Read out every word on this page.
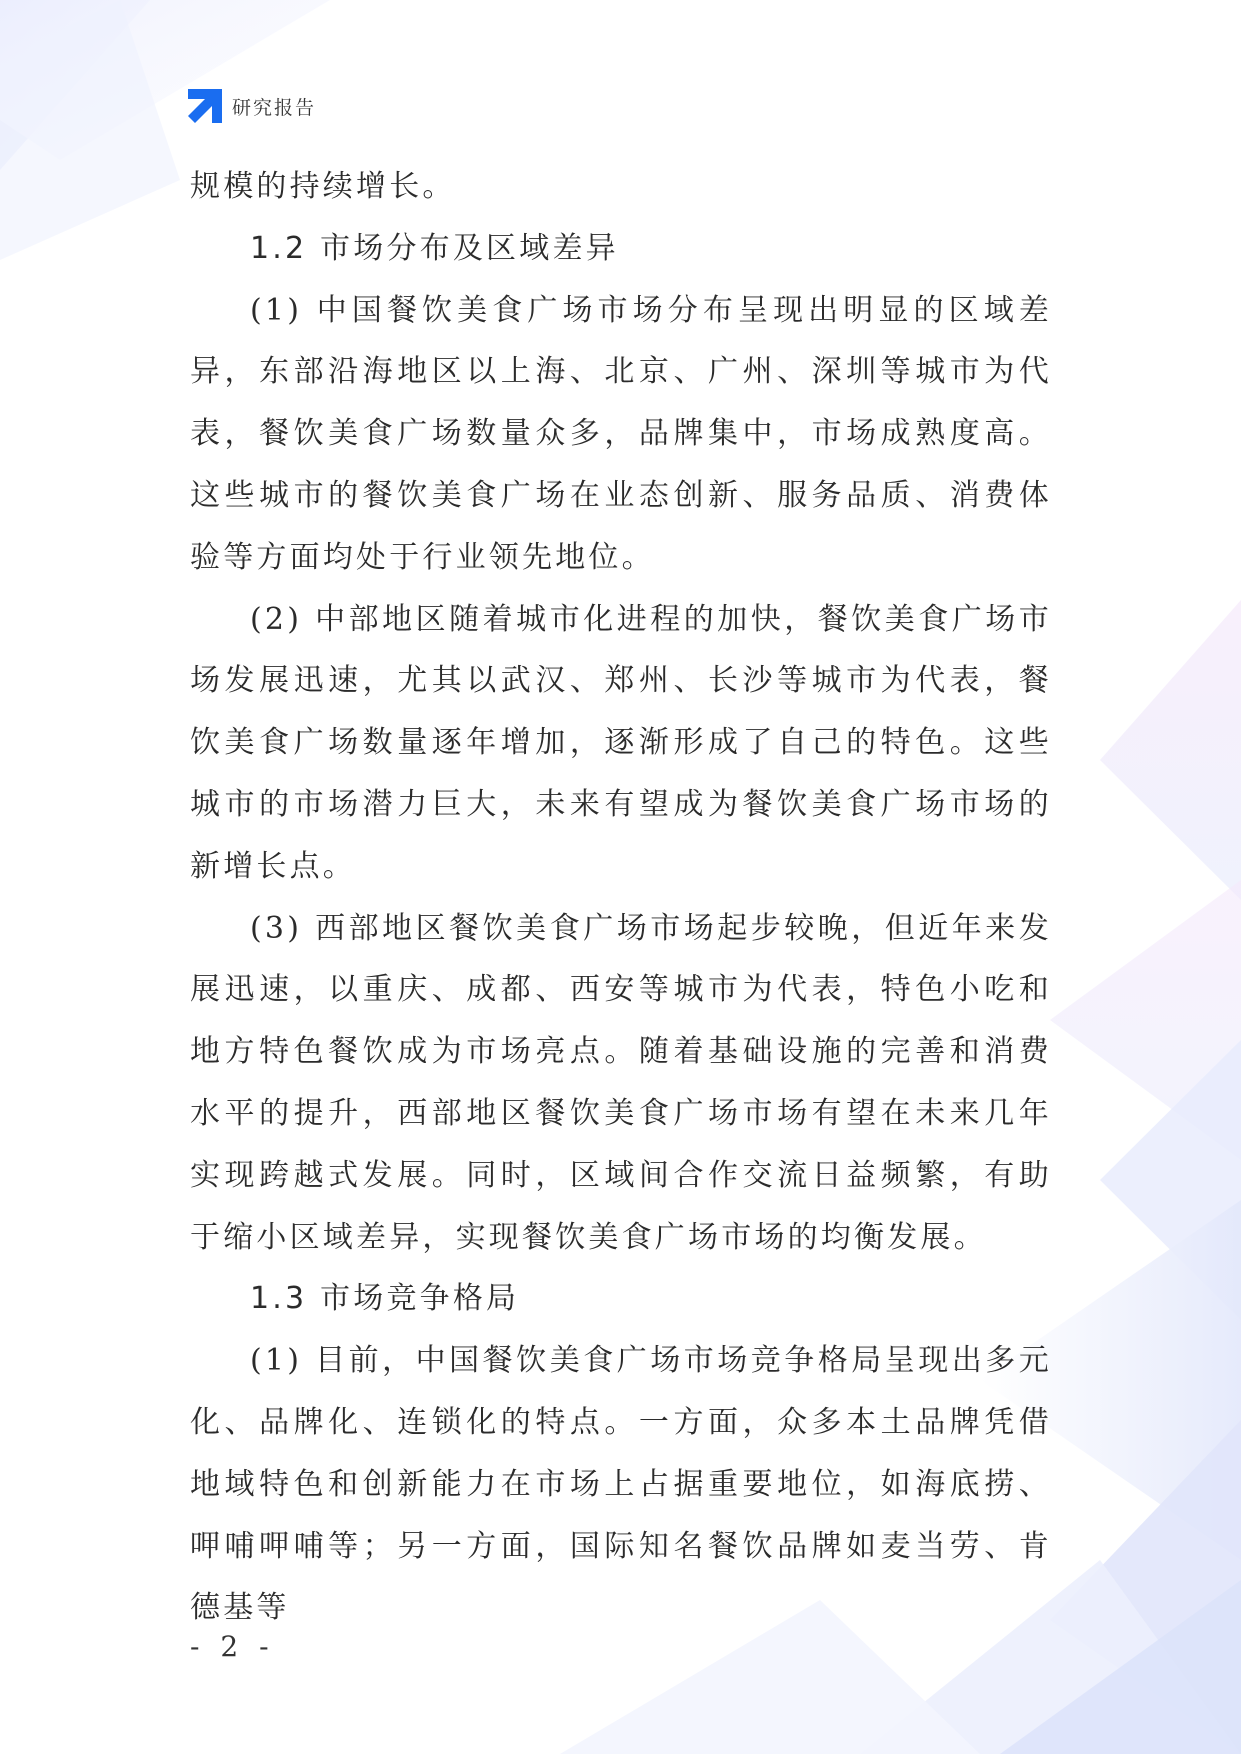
研究报告

规模的持续增长。

1.2 市场分布及区域差异

(1) 中国餐饮美食广场市场分布呈现出明显的区域差异，东部沿海地区以上海、北京、广州、深圳等城市为代表，餐饮美食广场数量众多，品牌集中，市场成熟度高。这些城市的餐饮美食广场在业态创新、服务品质、消费体验等方面均处于行业领先地位。

(2) 中部地区随着城市化进程的加快，餐饮美食广场市场发展迅速，尤其以武汉、郑州、长沙等城市为代表，餐饮美食广场数量逐年增加，逐渐形成了自己的特色。这些城市的市场潜力巨大，未来有望成为餐饮美食广场市场的新增长点。

(3) 西部地区餐饮美食广场市场起步较晚，但近年来发展迅速，以重庆、成都、西安等城市为代表，特色小吃和地方特色餐饮成为市场亮点。随着基础设施的完善和消费水平的提升，西部地区餐饮美食广场市场有望在未来几年实现跨越式发展。同时，区域间合作交流日益频繁，有助于缩小区域差异，实现餐饮美食广场市场的均衡发展。

1.3 市场竞争格局

(1) 目前，中国餐饮美食广场市场竞争格局呈现出多元化、品牌化、连锁化的特点。一方面，众多本土品牌凭借地域特色和创新能力在市场上占据重要地位，如海底捞、呷哺呷哺等；另一方面，国际知名餐饮品牌如麦当劳、肯德基等

- 2 -
